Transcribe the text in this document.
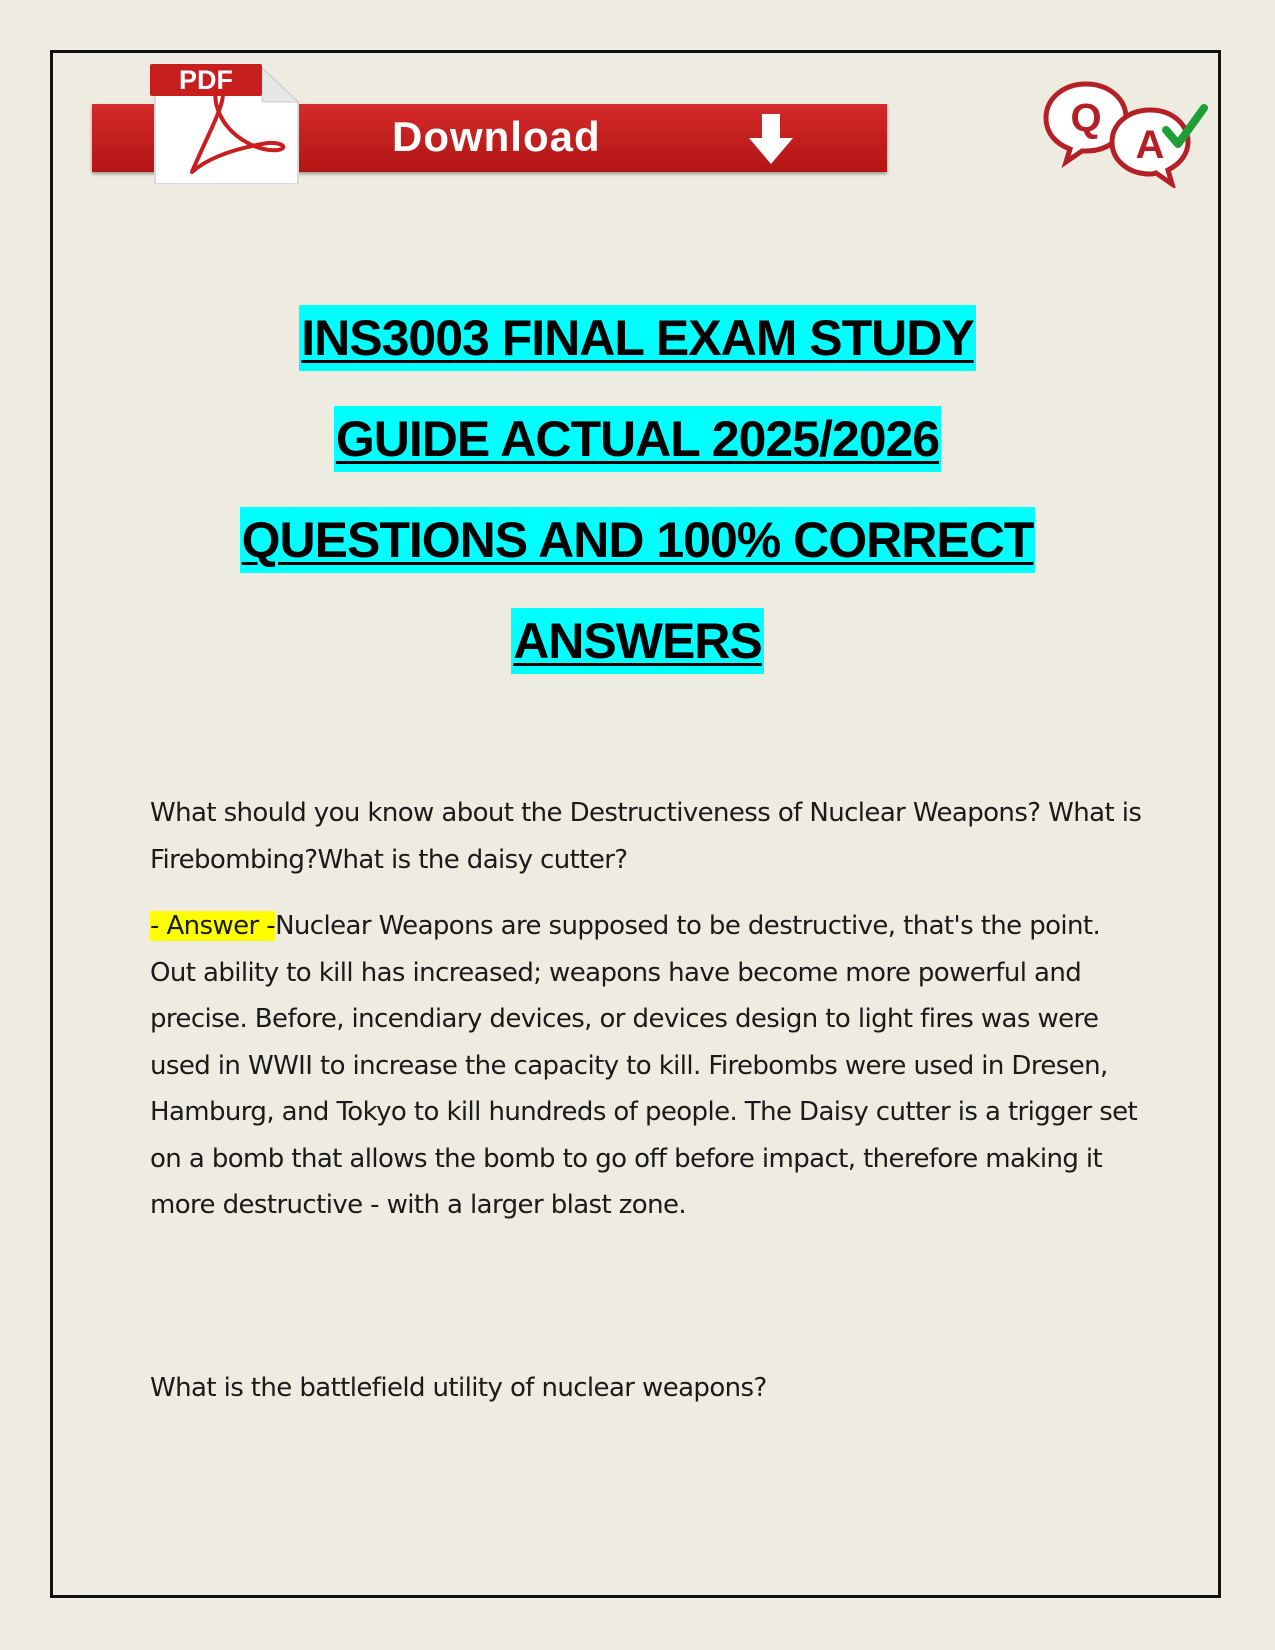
Download
PDF
Q
A
INS3003 FINAL EXAM STUDY
GUIDE ACTUAL 2025/2026
QUESTIONS AND 100% CORRECT
ANSWERS

What should you know about the Destructiveness of Nuclear Weapons? What is Firebombing?What is the daisy cutter?

- Answer -Nuclear Weapons are supposed to be destructive, that's the point. Out ability to kill has increased; weapons have become more powerful and precise. Before, incendiary devices, or devices design to light fires was were used in WWII to increase the capacity to kill. Firebombs were used in Dresen, Hamburg, and Tokyo to kill hundreds of people. The Daisy cutter is a trigger set on a bomb that allows the bomb to go off before impact, therefore making it more destructive - with a larger blast zone.

What is the battlefield utility of nuclear weapons?
